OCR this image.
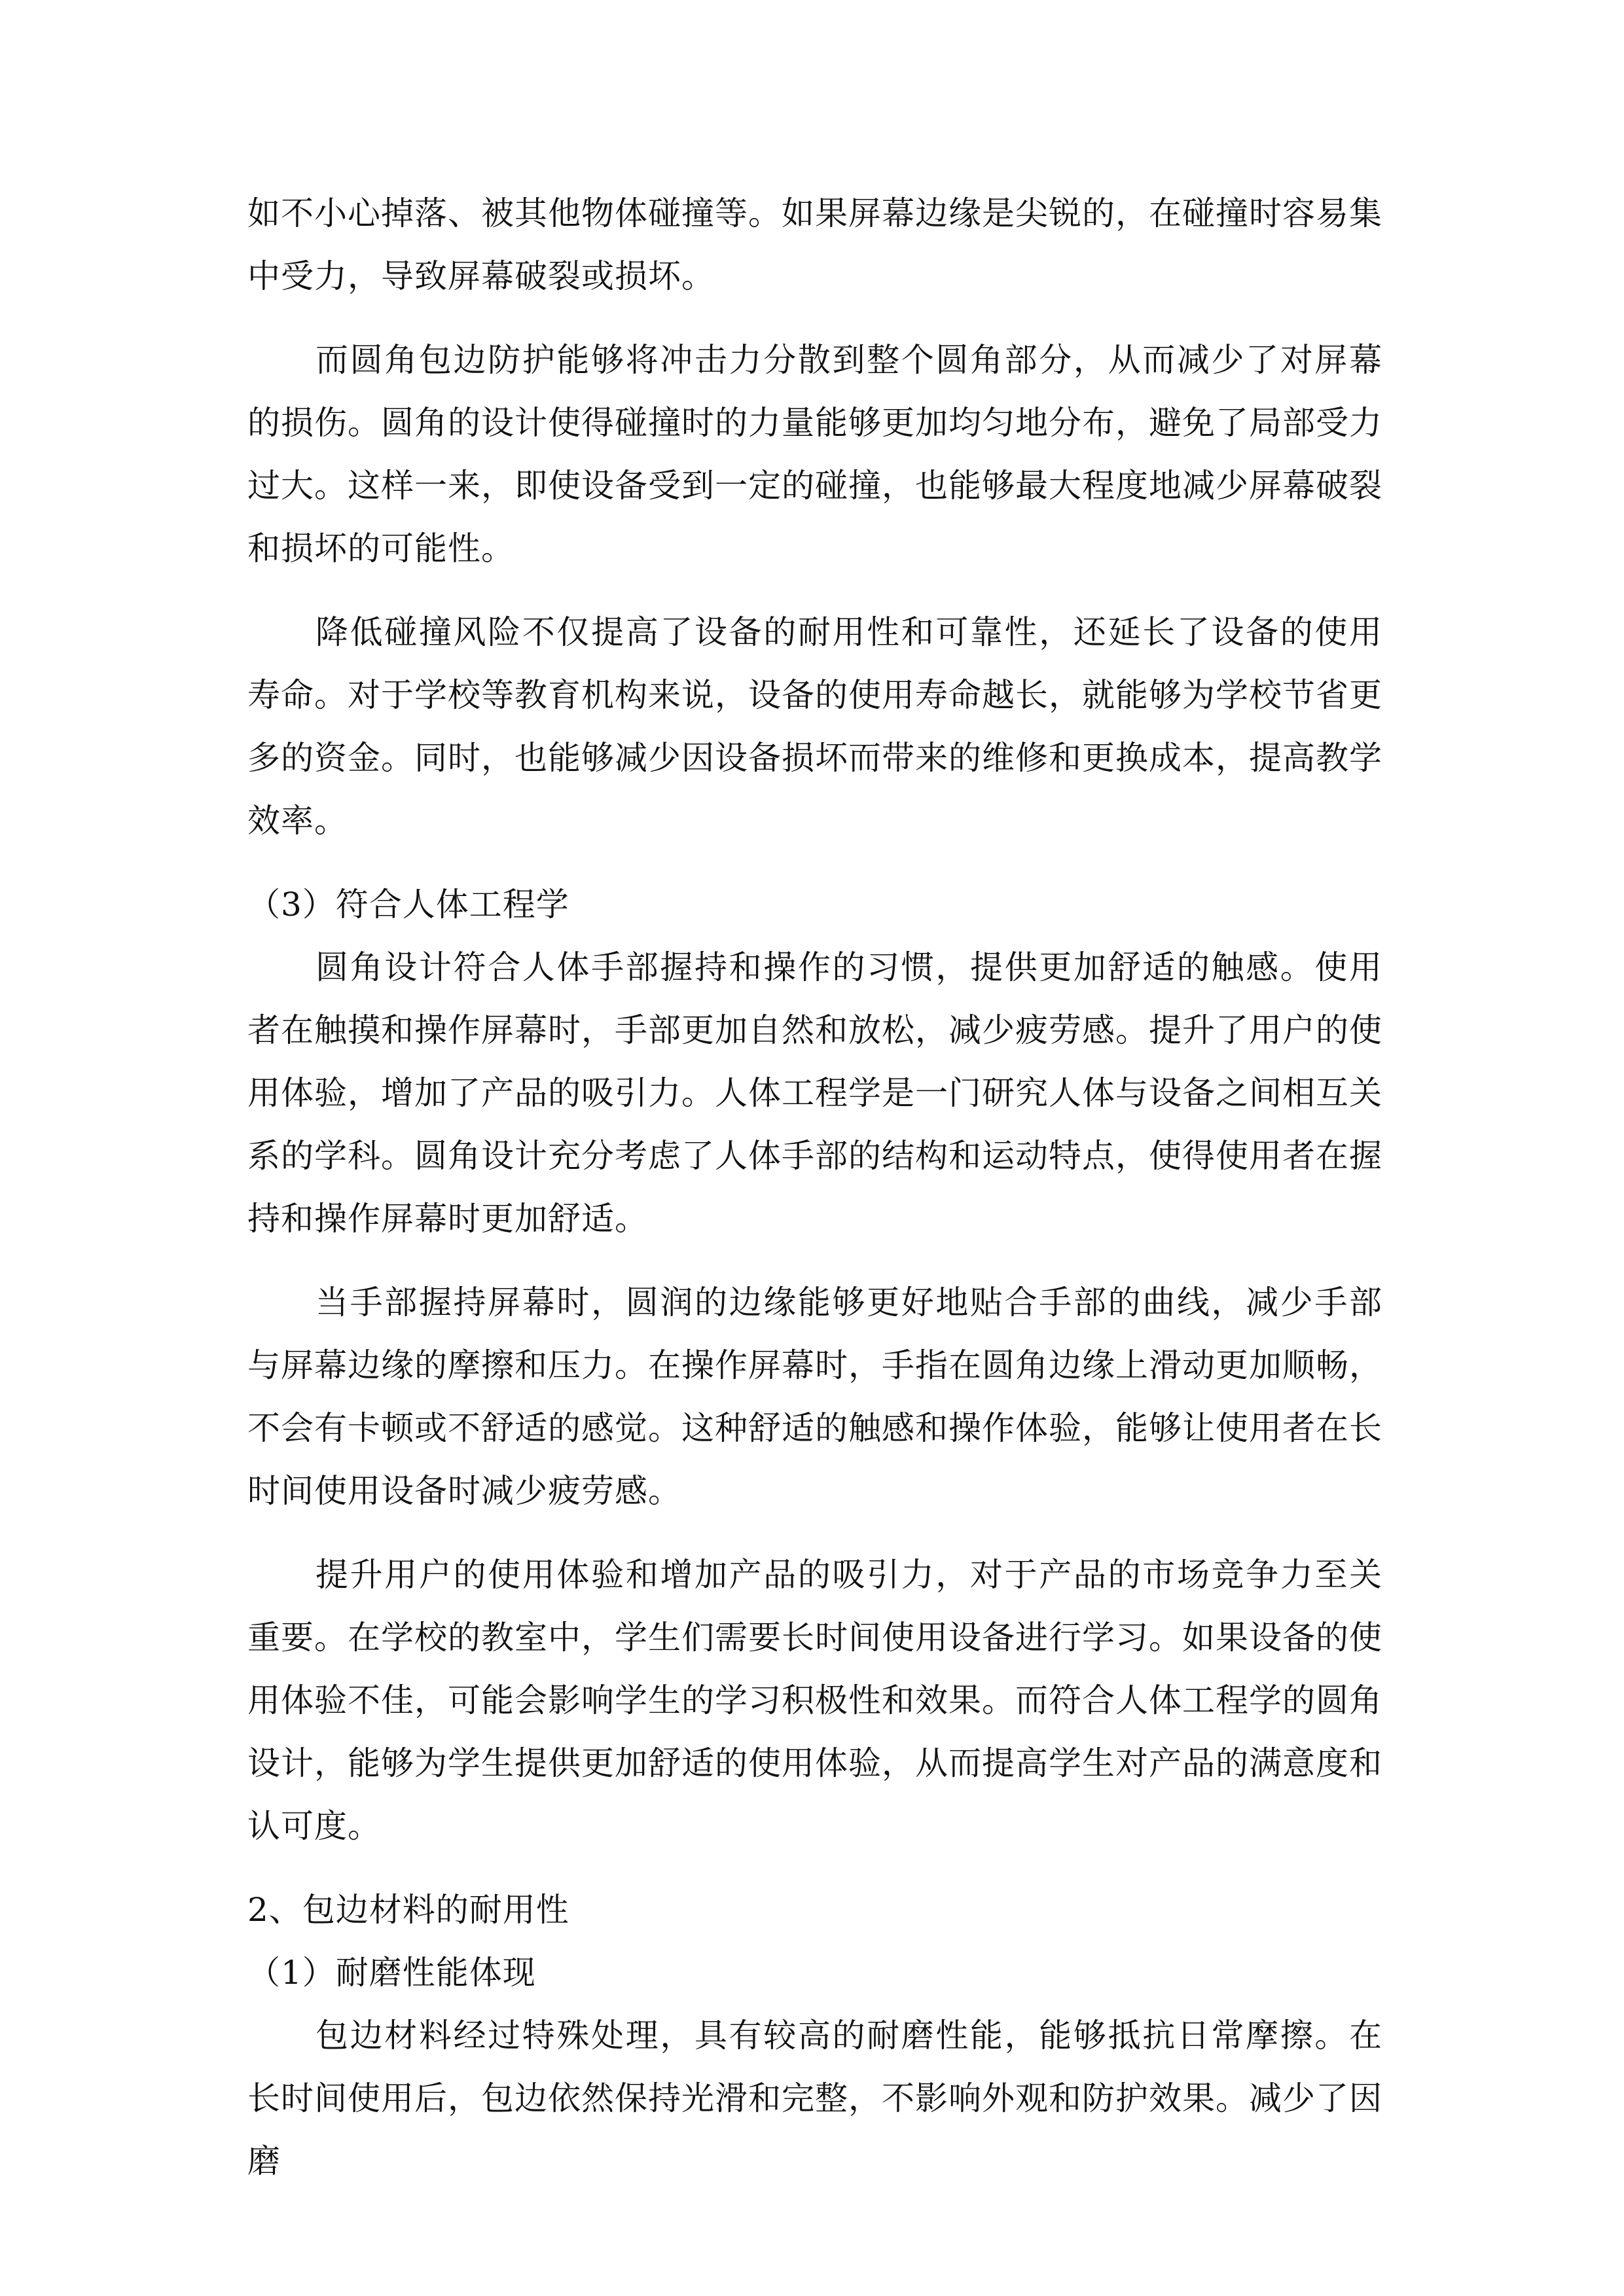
如不小心掉落、被其他物体碰撞等。如果屏幕边缘是尖锐的，在碰撞时容易集中受力，导致屏幕破裂或损坏。

而圆角包边防护能够将冲击力分散到整个圆角部分，从而减少了对屏幕的损伤。圆角的设计使得碰撞时的力量能够更加均匀地分布，避免了局部受力过大。这样一来，即使设备受到一定的碰撞，也能够最大程度地减少屏幕破裂和损坏的可能性。

降低碰撞风险不仅提高了设备的耐用性和可靠性，还延长了设备的使用寿命。对于学校等教育机构来说，设备的使用寿命越长，就能够为学校节省更多的资金。同时，也能够减少因设备损坏而带来的维修和更换成本，提高教学效率。

（3）符合人体工程学

圆角设计符合人体手部握持和操作的习惯，提供更加舒适的触感。使用者在触摸和操作屏幕时，手部更加自然和放松，减少疲劳感。提升了用户的使用体验，增加了产品的吸引力。人体工程学是一门研究人体与设备之间相互关系的学科。圆角设计充分考虑了人体手部的结构和运动特点，使得使用者在握持和操作屏幕时更加舒适。

当手部握持屏幕时，圆润的边缘能够更好地贴合手部的曲线，减少手部与屏幕边缘的摩擦和压力。在操作屏幕时，手指在圆角边缘上滑动更加顺畅，不会有卡顿或不舒适的感觉。这种舒适的触感和操作体验，能够让使用者在长时间使用设备时减少疲劳感。

提升用户的使用体验和增加产品的吸引力，对于产品的市场竞争力至关重要。在学校的教室中，学生们需要长时间使用设备进行学习。如果设备的使用体验不佳，可能会影响学生的学习积极性和效果。而符合人体工程学的圆角设计，能够为学生提供更加舒适的使用体验，从而提高学生对产品的满意度和认可度。

2、包边材料的耐用性

（1）耐磨性能体现

包边材料经过特殊处理，具有较高的耐磨性能，能够抵抗日常摩擦。在长时间使用后，包边依然保持光滑和完整，不影响外观和防护效果。减少了因磨
